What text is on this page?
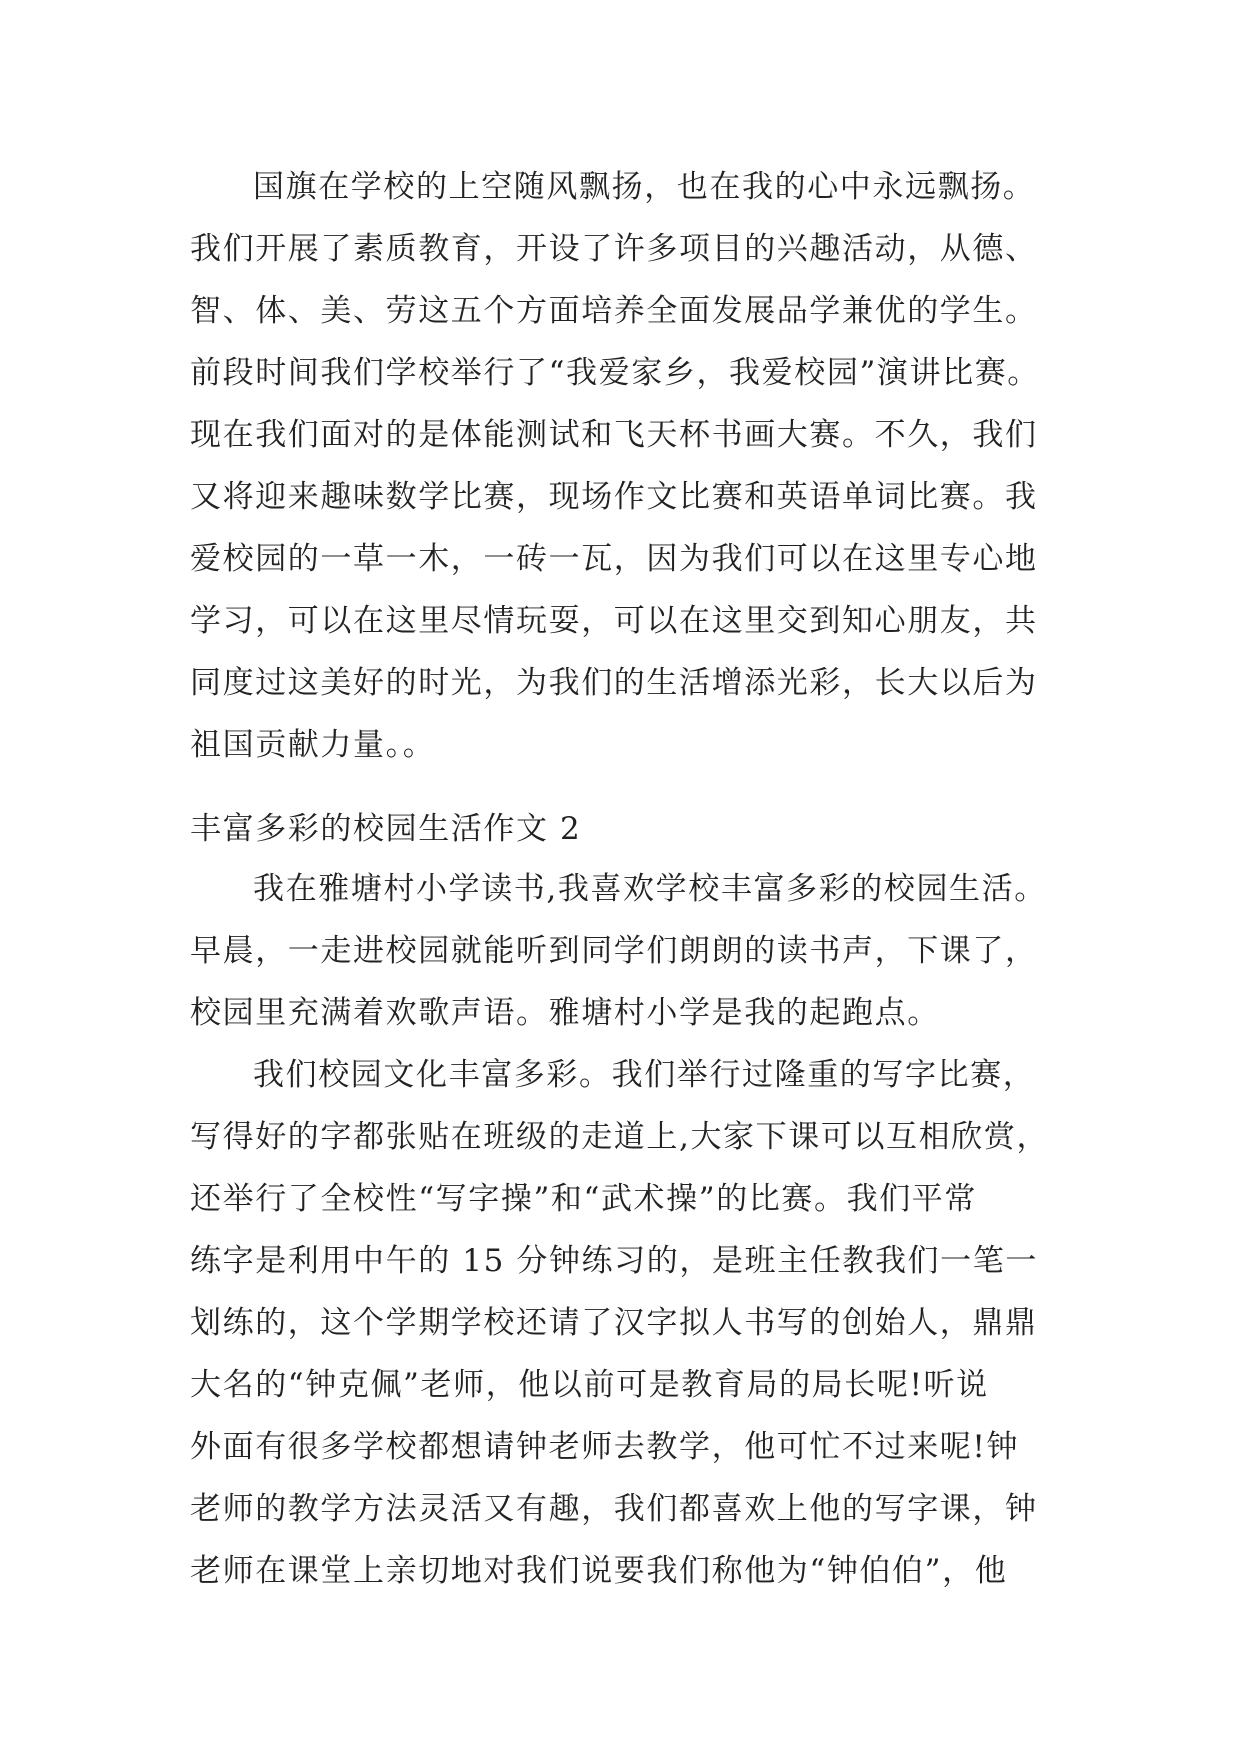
国旗在学校的上空随风飘扬，也在我的心中永远飘扬。
我们开展了素质教育，开设了许多项目的兴趣活动，从德、
智、体、美、劳这五个方面培养全面发展品学兼优的学生。
前段时间我们学校举行了“我爱家乡，我爱校园”演讲比赛。
现在我们面对的是体能测试和飞天杯书画大赛。不久，我们
又将迎来趣味数学比赛，现场作文比赛和英语单词比赛。我
爱校园的一草一木，一砖一瓦，因为我们可以在这里专心地
学习，可以在这里尽情玩耍，可以在这里交到知心朋友，共
同度过这美好的时光，为我们的生活增添光彩，长大以后为
祖国贡献力量。。
丰富多彩的校园生活作文 2
我在雅塘村小学读书,我喜欢学校丰富多彩的校园生活。
早晨，一走进校园就能听到同学们朗朗的读书声，下课了，
校园里充满着欢歌声语。雅塘村小学是我的起跑点。
我们校园文化丰富多彩。我们举行过隆重的写字比赛，
写得好的字都张贴在班级的走道上,大家下课可以互相欣赏，
还举行了全校性“写字操”和“武术操”的比赛。我们平常
练字是利用中午的 15 分钟练习的，是班主任教我们一笔一
划练的，这个学期学校还请了汉字拟人书写的创始人，鼎鼎
大名的“钟克佩”老师，他以前可是教育局的局长呢!听说
外面有很多学校都想请钟老师去教学，他可忙不过来呢!钟
老师的教学方法灵活又有趣，我们都喜欢上他的写字课，钟
老师在课堂上亲切地对我们说要我们称他为“钟伯伯”，他
